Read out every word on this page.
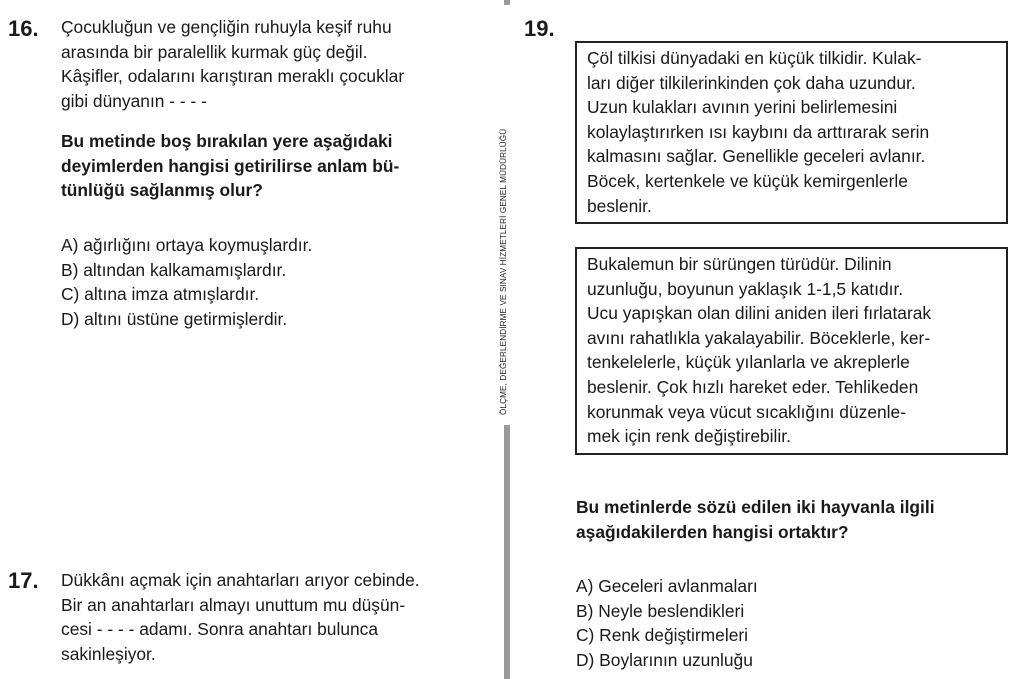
16. Çocukluğun ve gençliğin ruhuyla keşif ruhu
arasında bir paralellik kurmak güç değil.
Kâşifler, odalarını karıştıran meraklı çocuklar
gibi dünyanın - - - -
Bu metinde boş bırakılan yere aşağıdaki
deyimlerden hangisi getirilirse anlam bü-
tünlüğü sağlanmış olur?
A) ağırlığını ortaya koymuşlardır.
B) altından kalkamamışlardır.
C) altına imza atmışlardır.
D) altını üstüne getirmişlerdir.
17. Dükkânı açmak için anahtarları arıyor cebinde.
Bir an anahtarları almayı unuttum mu düşün-
cesi - - - - adamı. Sonra anahtarı bulunca
sakinleşiyor.
ÖLÇME, DEĞERLENDİRME VE SINAV HİZMETLERİ GENEL MÜDÜRLÜĞÜ
19.
Çöl tilkisi dünyadaki en küçük tilkidir. Kulak-
ları diğer tilkilerinkinden çok daha uzundur.
Uzun kulakları avının yerini belirlemesini
kolaylaştırırken ısı kaybını da arttırarak serin
kalmasını sağlar. Genellikle geceleri avlanır.
Böcek, kertenkele ve küçük kemirgenlerle
beslenir.
Bukalemun bir sürüngen türüdür. Dilinin
uzunluğu, boyunun yaklaşık 1-1,5 katıdır.
Ucu yapışkan olan dilini aniden ileri fırlatarak
avını rahatlıkla yakalayabilir. Böceklerle, ker-
tenkelelerle, küçük yılanlarla ve akreplerle
beslenir. Çok hızlı hareket eder. Tehlikeden
korunmak veya vücut sıcaklığını düzenle-
mek için renk değiştirebilir.
Bu metinlerde sözü edilen iki hayvanla ilgili
aşağıdakilerden hangisi ortaktır?
A) Geceleri avlanmaları
B) Neyle beslendikleri
C) Renk değiştirmeleri
D) Boylarının uzunluğu
